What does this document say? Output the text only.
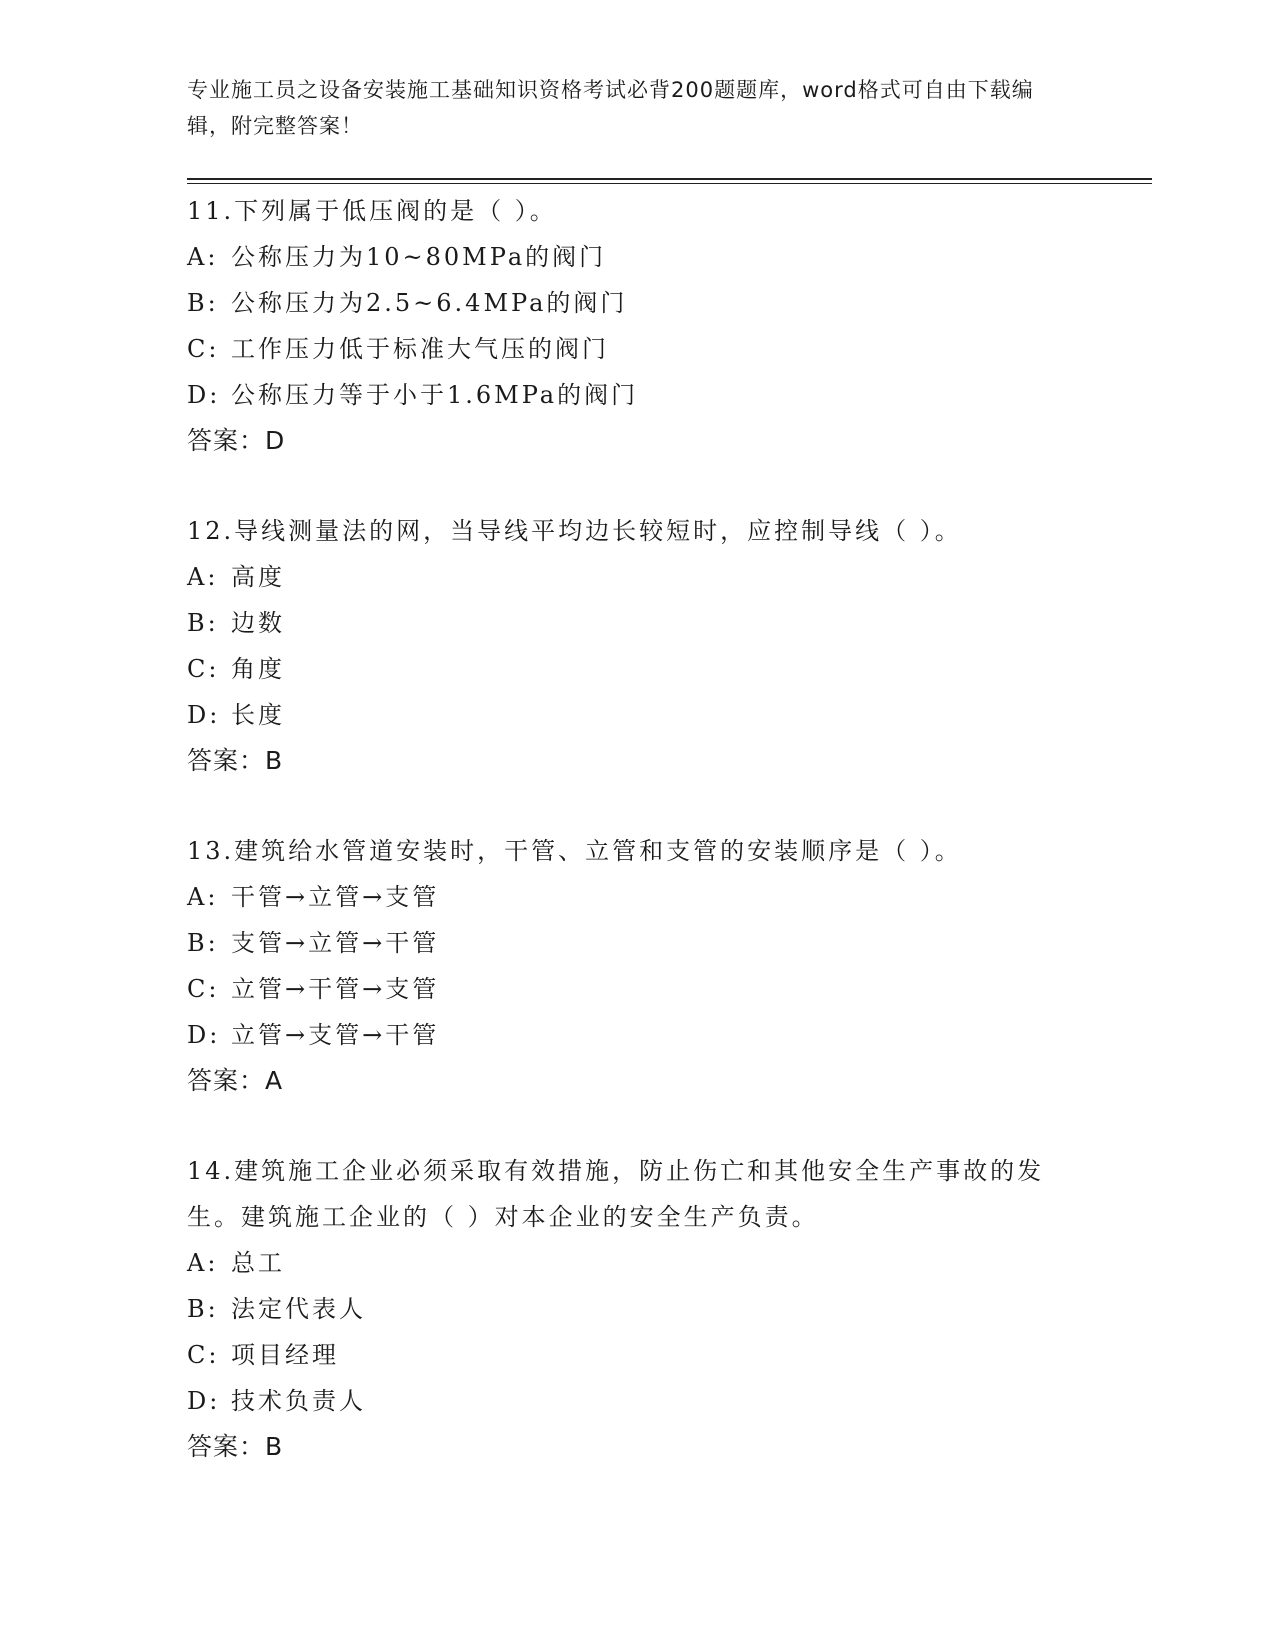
专业施工员之设备安装施工基础知识资格考试必背200题题库，word格式可自由下载编辑，附完整答案！
11.下列属于低压阀的是（ ）。
A: 公称压力为10~80MPa的阀门
B: 公称压力为2.5~6.4MPa的阀门
C: 工作压力低于标准大气压的阀门
D: 公称压力等于小于1.6MPa的阀门
答案：D
12.导线测量法的网，当导线平均边长较短时，应控制导线（ ）。
A: 高度
B: 边数
C: 角度
D: 长度
答案：B
13.建筑给水管道安装时，干管、立管和支管的安装顺序是（ ）。
A: 干管→立管→支管
B: 支管→立管→干管
C: 立管→干管→支管
D: 立管→支管→干管
答案：A
14.建筑施工企业必须采取有效措施，防止伤亡和其他安全生产事故的发生。建筑施工企业的（ ）对本企业的安全生产负责。
A: 总工
B: 法定代表人
C: 项目经理
D: 技术负责人
答案：B
